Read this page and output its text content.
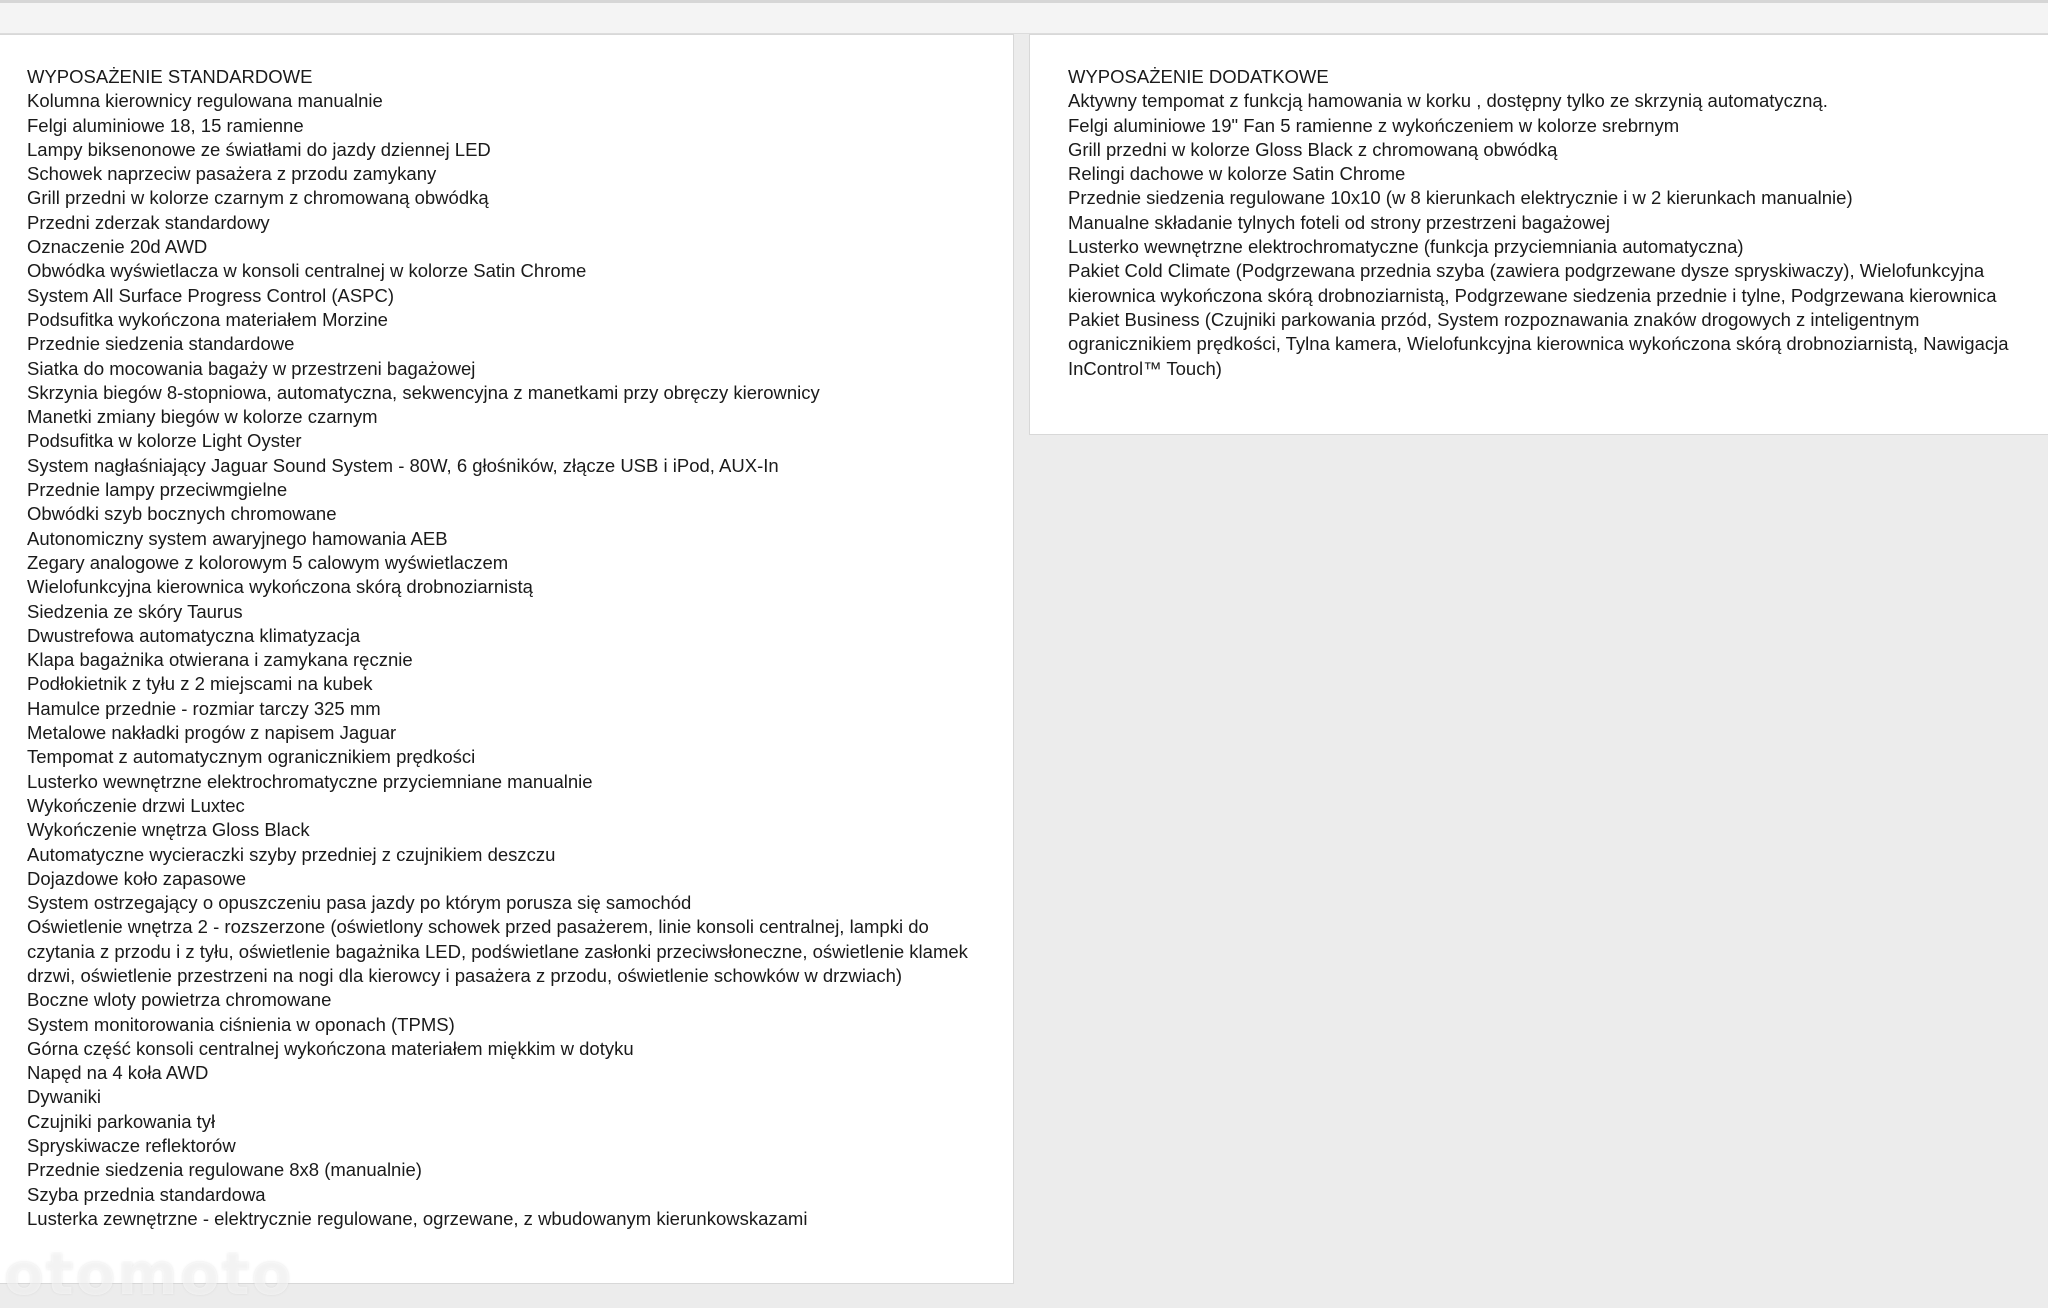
WYPOSAŻENIE STANDARDOWE
Kolumna kierownicy regulowana manualnie
Felgi aluminiowe 18, 15 ramienne
Lampy biksenonowe ze światłami do jazdy dziennej LED
Schowek naprzeciw pasażera z przodu zamykany
Grill przedni w kolorze czarnym z chromowaną obwódką
Przedni zderzak standardowy
Oznaczenie 20d AWD
Obwódka wyświetlacza w konsoli centralnej w kolorze Satin Chrome
System All Surface Progress Control (ASPC)
Podsufitka wykończona materiałem Morzine
Przednie siedzenia standardowe
Siatka do mocowania bagaży w przestrzeni bagażowej
Skrzynia biegów 8-stopniowa, automatyczna, sekwencyjna z manetkami przy obręczy kierownicy
Manetki zmiany biegów w kolorze czarnym
Podsufitka w kolorze Light Oyster
System nagłaśniający Jaguar Sound System - 80W, 6 głośników, złącze USB i iPod, AUX-In
Przednie lampy przeciwmgielne
Obwódki szyb bocznych chromowane
Autonomiczny system awaryjnego hamowania AEB
Zegary analogowe z kolorowym 5 calowym wyświetlaczem
Wielofunkcyjna kierownica wykończona skórą drobnoziarnistą
Siedzenia ze skóry Taurus
Dwustrefowa automatyczna klimatyzacja
Klapa bagażnika otwierana i zamykana ręcznie
Podłokietnik z tyłu z 2 miejscami na kubek
Hamulce przednie - rozmiar tarczy 325 mm
Metalowe nakładki progów z napisem Jaguar
Tempomat z automatycznym ogranicznikiem prędkości
Lusterko wewnętrzne elektrochromatyczne przyciemniane manualnie
Wykończenie drzwi Luxtec
Wykończenie wnętrza Gloss Black
Automatyczne wycieraczki szyby przedniej z czujnikiem deszczu
Dojazdowe koło zapasowe
System ostrzegający o opuszczeniu pasa jazdy po którym porusza się samochód
Oświetlenie wnętrza 2 - rozszerzone (oświetlony schowek przed pasażerem, linie konsoli centralnej, lampki do czytania z przodu i z tyłu, oświetlenie bagażnika LED, podświetlane zasłonki przeciwsłoneczne, oświetlenie klamek drzwi, oświetlenie przestrzeni na nogi dla kierowcy i pasażera z przodu, oświetlenie schowków w drzwiach)
Boczne wloty powietrza chromowane
System monitorowania ciśnienia w oponach (TPMS)
Górna część konsoli centralnej wykończona materiałem miękkim w dotyku
Napęd na 4 koła AWD
Dywaniki
Czujniki parkowania tył
Spryskiwacze reflektorów
Przednie siedzenia regulowane 8x8 (manualnie)
Szyba przednia standardowa
Lusterka zewnętrzne - elektrycznie regulowane, ogrzewane, z wbudowanym kierunkowskazami
WYPOSAŻENIE DODATKOWE
Aktywny tempomat z funkcją hamowania w korku , dostępny tylko ze skrzynią automatyczną.
Felgi aluminiowe 19" Fan 5 ramienne z wykończeniem w kolorze srebrnym
Grill przedni w kolorze Gloss Black z chromowaną obwódką
Relingi dachowe w kolorze Satin Chrome
Przednie siedzenia regulowane 10x10 (w 8 kierunkach elektrycznie i w 2 kierunkach manualnie)
Manualne składanie tylnych foteli od strony przestrzeni bagażowej
Lusterko wewnętrzne elektrochromatyczne (funkcja przyciemniania automatyczna)
Pakiet Cold Climate (Podgrzewana przednia szyba (zawiera podgrzewane dysze spryskiwaczy), Wielofunkcyjna kierownica wykończona skórą drobnoziarnistą, Podgrzewane siedzenia przednie i tylne, Podgrzewana kierownica
Pakiet Business (Czujniki parkowania przód, System rozpoznawania znaków drogowych z inteligentnym ogranicznikiem prędkości, Tylna kamera, Wielofunkcyjna kierownica wykończona skórą drobnoziarnistą, Nawigacja InControl™ Touch)
otomoto
